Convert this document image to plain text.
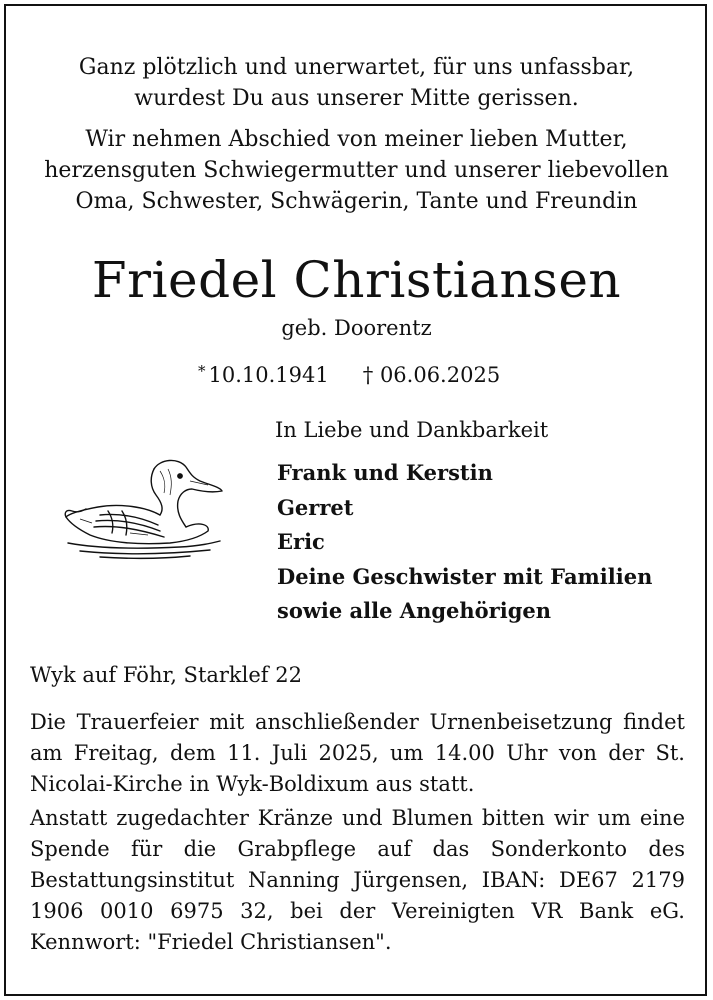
Ganz plötzlich und unerwartet, für uns unfassbar,
wurdest Du aus unserer Mitte gerissen.
Wir nehmen Abschied von meiner lieben Mutter,
herzensguten Schwiegermutter und unserer liebevollen
Oma, Schwester, Schwägerin, Tante und Freundin
Friedel Christiansen
geb. Doorentz
* 10.10.1941 † 06.06.2025
In Liebe und Dankbarkeit
Frank und Kerstin
Gerret
Eric
Deine Geschwister mit Familien
sowie alle Angehörigen
Wyk auf Föhr, Starklef 22
Die Trauerfeier mit anschließender Urnenbeisetzung findet am Freitag, dem 11. Juli 2025, um 14.00 Uhr von der St. Nicolai-Kirche in Wyk-Boldixum aus statt.
Anstatt zugedachter Kränze und Blumen bitten wir um eine Spende für die Grabpflege auf das Sonderkonto des Bestattungsinstitut Nanning Jürgensen, IBAN: DE67 2179 1906 0010 6975 32, bei der Vereinigten VR Bank eG. Kennwort: "Friedel Christiansen".
